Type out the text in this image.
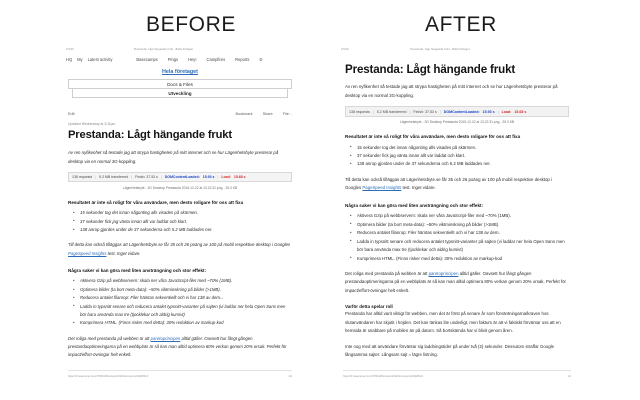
BEFORE	AFTER
1/5/16	Prestanda: Lågt hängande frukt - Bolla Förlaget
HQ My Latest activity	Basecamps Pings Hey! Campfires Reports D
Hela företaget
Docs & Files
Utveckling
Edit	Bookmark	Share	File...
Updated Wednesday at 3:11pm
Prestanda: Lågt hängande frukt

Av ren nyfikenhet så testade jag att strypa hastigheten på mitt internet och se hur Lägenhetsbyte presterar på desktop via en normal 3G-koppling.

138 requests | 5.2 MB transferred | Finish: 37.53 s | DOMContentLoaded: 15.93 s | Load: 15.68 s
Lägenhetsbyte - 3G Desktop Prestanda 2015-12-22 at 13.22.31.png - 25.3 KB
Resultatet är inte så roligt för våra användare, men desto roligare för oss att fixa
• 15 sekunder tog det innan någonting alls visades på skärmen.
• 37 sekunder fick jag vänta innan allt var laddat och klart.
• 138 anrop gjordes under de 37 sekunderna och 5.2 MB laddades ner.

Till detta kan också tilläggas att Lägenhetsbyte.se får 35 och 26 poäng av 100 på mobil respektive desktop i Googles PageSpeed Insights test. Inget vidare.

Några saker vi kan göra med liten ansträngning och stor effekt:
• Aktivera Gzip på webbservern: skala ner våra JavaScript-filer med ~70% (1MB).
• Optimera bilder (ta bort meta-data): ~50% viktminskning på bilder (>1MB).
• Reducera antalet filanrop: Filer hämtas sekventiellt och vi har 138 av dem...
• Ladda in typsnitt senare och reducera antalet typsnitt-varianter på sajten (vi laddar ner hela Open Sans men bör bara använda max tre (tjocklekar och aldrig kursivt)
• Komprimera HTML. (Finns risker med detta): 30% reduktion av markup-kod

Det roliga med prestanda på webben är att paretoprincipen alltid gäller. Oavsett hur långt gången prestandaoptimeringarna på en webbplats är så kan man alltid optimera 80% verkan genom 20% orsak. Perfekt för impact/effort-övningar helt enkelt.

https://3.basecamp.com/3799619/buckets/2432/documents/34928413	1/2
1/5/16	Prestanda: Lågt hängande frukt - Bolla Förlaget
Prestanda: Lågt hängande frukt

Av ren nyfikenhet så testade jag att strypa hastigheten på mitt internet och se hur Lägenhetsbyte presterar på desktop via en normal 3G-koppling.

138 requests | 5.2 MB transferred | Finish: 37.53 s | DOMContentLoaded: 15.93 s | Load: 15.68 s
Lägenhetsbyte - 3G Desktop Prestanda 2015-12-22 at 13.22.31.png - 25.3 KB
Resultatet är inte så roligt för våra användare, men desto roligare för oss att fixa
• 15 sekunder tog det innan någonting alls visades på skärmen.
• 37 sekunder fick jag vänta innan allt var laddat och klart.
• 138 anrop gjordes under de 37 sekunderna och 5.2 MB laddades ner.

Till detta kan också tilläggas att Lägenhetsbyte.se får 35 och 26 poäng av 100 på mobil respektive desktop i Googles PageSpeed Insights test. Inget vidare.

Några saker vi kan göra med liten ansträngning och stor effekt:
• Aktivera Gzip på webbservern: skala ner våra JavaScript-filer med ~70% (1MB).
• Optimera bilder (ta bort meta-data): ~50% viktminskning på bilder (>1MB).
• Reducera antalet filanrop: Filer hämtas sekventiellt och vi har 138 av dem.
• Ladda in typsnitt senare och reducera antalet typsnitt-varianter på sajten (vi laddar ner hela Open Sans men bör bara använda max tre (tjocklekar och aldrig kursivt)
• Komprimera HTML. (Finns risker med detta): 30% reduktion av markup-kod

Det roliga med prestanda på webben är att paretoprincipen alltid gäller. Oavsett hur långt gången prestandaoptimeringarna på en webbplats är så kan man alltid optimera 80% verkan genom 20% orsak. Perfekt för impact/effort-övningar helt enkelt.

Varför detta spelar roll

Prestanda har alltid varit viktigt för webben, men det är först på senare år som förväntningarna/kraven hos slutanvändaren har skjutit i höjden. Det kan tänkas lite underligt, men faktum är att vi faktiskt förväntar oss att en hemsida är snabbare på mobilen än på datorn. Så bortskämda har vi blivit genom åren.

Inte nog med att användare förväntar sig laddningstider på under två (2) sekunder. Dessutom straffar Google långsamma sajter. Långsam sajt = lägre listning.

https://3.basecamp.com/3799619/buckets/2432/documents/34928413	1/2
